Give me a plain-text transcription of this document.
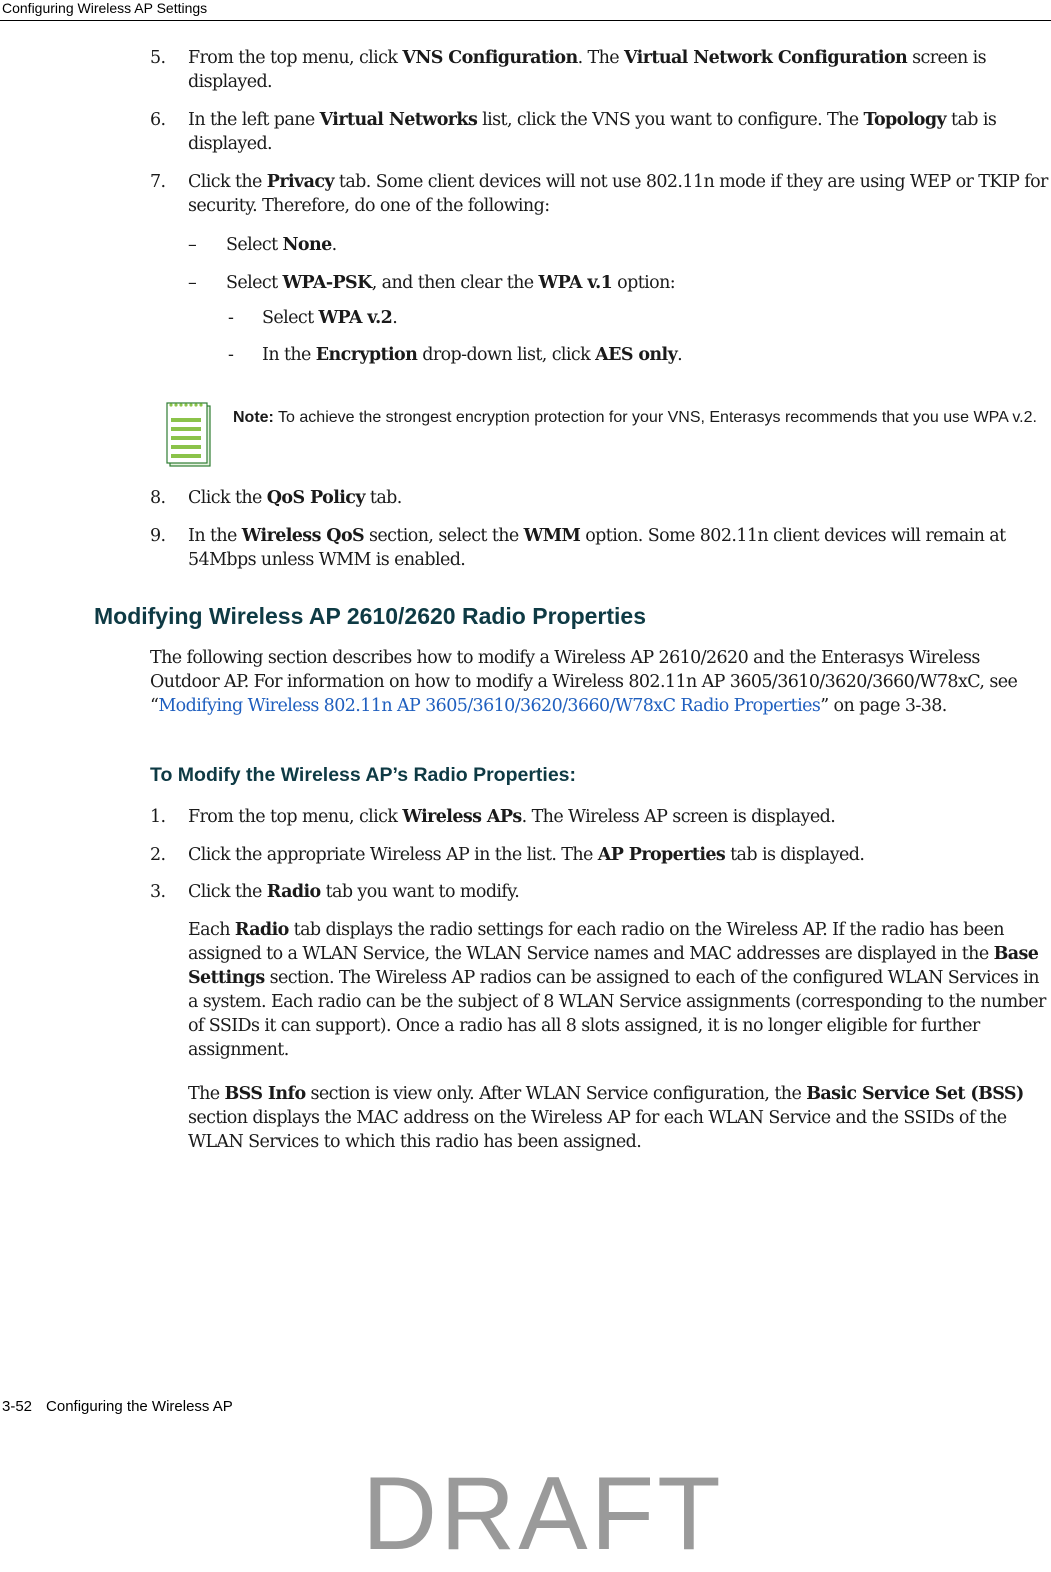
Configuring Wireless AP Settings
5.	From the top menu, click VNS Configuration. The Virtual Network Configuration screen is displayed.
6.	In the left pane Virtual Networks list, click the VNS you want to configure. The Topology tab is displayed.
7.	Click the Privacy tab. Some client devices will not use 802.11n mode if they are using WEP or TKIP for security. Therefore, do one of the following:
– Select None.
– Select WPA-PSK, and then clear the WPA v.1 option:
- Select WPA v.2.
- In the Encryption drop-down list, click AES only.
Note: To achieve the strongest encryption protection for your VNS, Enterasys recommends that you use WPA v.2.
8.	Click the QoS Policy tab.
9.	In the Wireless QoS section, select the WMM option. Some 802.11n client devices will remain at 54Mbps unless WMM is enabled.
Modifying Wireless AP 2610/2620 Radio Properties
The following section describes how to modify a Wireless AP 2610/2620 and the Enterasys Wireless Outdoor AP. For information on how to modify a Wireless 802.11n AP 3605/3610/3620/3660/W78xC, see “Modifying Wireless 802.11n AP 3605/3610/3620/3660/W78xC Radio Properties” on page 3-38.
To Modify the Wireless AP’s Radio Properties:
1.	From the top menu, click Wireless APs. The Wireless AP screen is displayed.
2.	Click the appropriate Wireless AP in the list. The AP Properties tab is displayed.
3.	Click the Radio tab you want to modify.
Each Radio tab displays the radio settings for each radio on the Wireless AP. If the radio has been assigned to a WLAN Service, the WLAN Service names and MAC addresses are displayed in the Base Settings section. The Wireless AP radios can be assigned to each of the configured WLAN Services in a system. Each radio can be the subject of 8 WLAN Service assignments (corresponding to the number of SSIDs it can support). Once a radio has all 8 slots assigned, it is no longer eligible for further assignment.
The BSS Info section is view only. After WLAN Service configuration, the Basic Service Set (BSS) section displays the MAC address on the Wireless AP for each WLAN Service and the SSIDs of the WLAN Services to which this radio has been assigned.
3-52 Configuring the Wireless AP
DRAFT
